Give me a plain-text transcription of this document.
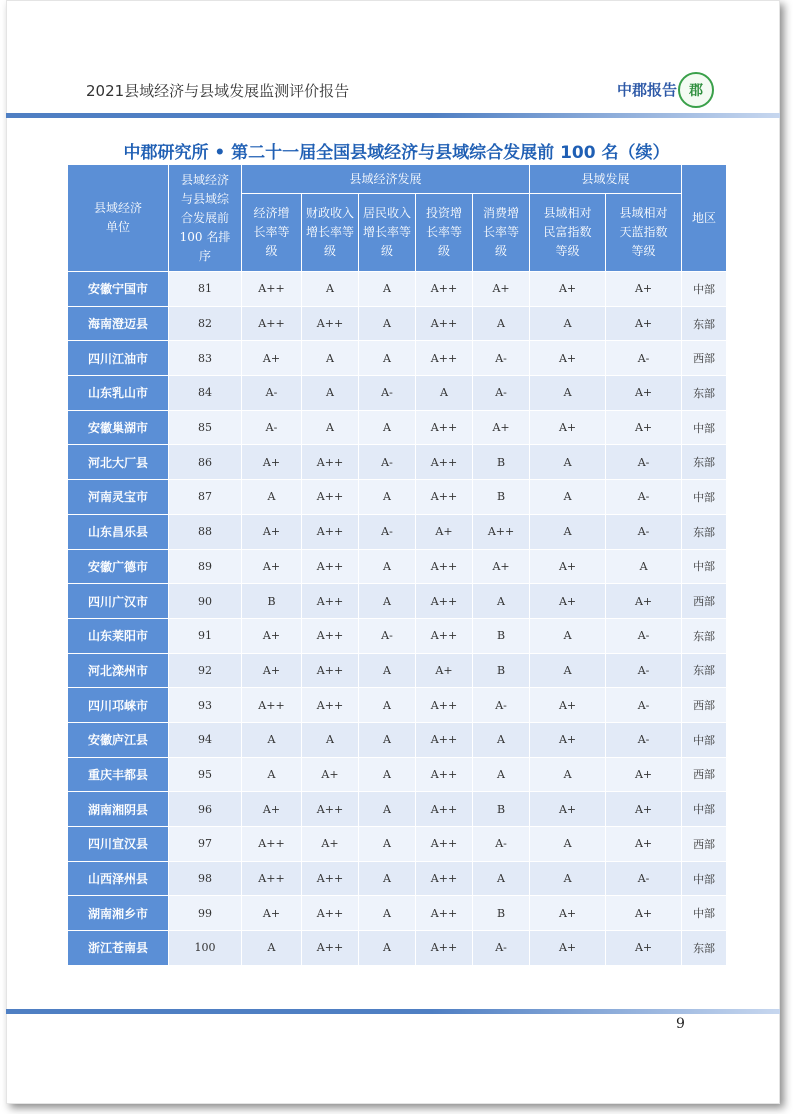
2021县域经济与县域发展监测评价报告	中郡报告 郡
中郡研究所 • 第二十一届全国县域经济与县域综合发展前 100 名（续）
县域经济单位	县域经济与县域综合发展前 100 名排序	县域经济发展					县域发展		地区

		经济增长率等级	财政收入增长率等级	居民收入增长率等级	投资增长率等级	消费增长率等级	县域相对民富指数等级	县域相对天蓝指数等级	

安徽宁国市	81	A++	A	A	A++	A+	A+	A+	中部
海南澄迈县	82	A++	A++	A	A++	A	A	A+	东部
四川江油市	83	A+	A	A	A++	A-	A+	A-	西部
山东乳山市	84	A-	A	A-	A	A-	A	A+	东部
安徽巢湖市	85	A-	A	A	A++	A+	A+	A+	中部
河北大厂县	86	A+	A++	A-	A++	B	A	A-	东部
河南灵宝市	87	A	A++	A	A++	B	A	A-	中部
山东昌乐县	88	A+	A++	A-	A+	A++	A	A-	东部
安徽广德市	89	A+	A++	A	A++	A+	A+	A	中部
四川广汉市	90	B	A++	A	A++	A	A+	A+	西部
山东莱阳市	91	A+	A++	A-	A++	B	A	A-	东部
河北滦州市	92	A+	A++	A	A+	B	A	A-	东部
四川邛崃市	93	A++	A++	A	A++	A-	A+	A-	西部
安徽庐江县	94	A	A	A	A++	A	A+	A-	中部
重庆丰都县	95	A	A+	A	A++	A	A	A+	西部
湖南湘阴县	96	A+	A++	A	A++	B	A+	A+	中部
四川宣汉县	97	A++	A+	A	A++	A-	A	A+	西部
山西泽州县	98	A++	A++	A	A++	A	A	A-	中部
湖南湘乡市	99	A+	A++	A	A++	B	A+	A+	中部
浙江苍南县	100	A	A++	A	A++	A-	A+	A+	东部
9
